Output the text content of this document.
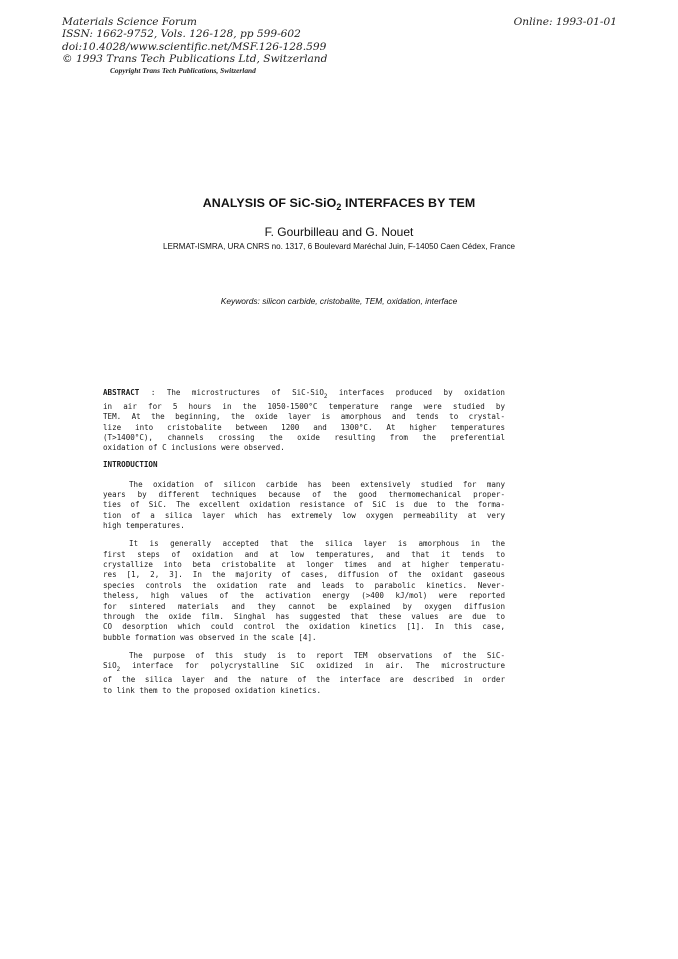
Materials Science Forum
ISSN: 1662-9752, Vols. 126-128, pp 599-602
doi:10.4028/www.scientific.net/MSF.126-128.599
© 1993 Trans Tech Publications Ltd, Switzerland
Copyright Trans Tech Publications, Switzerland
Online: 1993-01-01
ANALYSIS OF SiC-SiO$_2$ INTERFACES BY TEM
F. Gourbilleau and G. Nouet
LERMAT-ISMRA, URA CNRS no. 1317, 6 Boulevard Maréchal Juin, F-14050 Caen Cédex, France
Keywords: silicon carbide, cristobalite, TEM, oxidation, interface
ABSTRACT : The microstructures of SiC-SiO$_2$ interfaces produced by oxidation
in air for 5 hours in the 1050-1500°C temperature range were studied by
TEM. At the beginning, the oxide layer is amorphous and tends to crystal-
lize into cristobalite between 1200 and 1300°C. At higher temperatures
(T>1400°C), channels crossing the oxide resulting from the preferential
oxidation of C inclusions were observed.
INTRODUCTION
The oxidation of silicon carbide has been extensively studied for many
years by different techniques because of the good thermomechanical proper-
ties of SiC. The excellent oxidation resistance of SiC is due to the forma-
tion of a silica layer which has extremely low oxygen permeability at very
high temperatures.
It is generally accepted that the silica layer is amorphous in the
first steps of oxidation and at low temperatures, and that it tends to
crystallize into beta cristobalite at longer times and at higher temperatu-
res [1, 2, 3]. In the majority of cases, diffusion of the oxidant gaseous
species controls the oxidation rate and leads to parabolic kinetics. Never-
theless, high values of the activation energy (>400 kJ/mol) were reported
for sintered materials and they cannot be explained by oxygen diffusion
through the oxide film. Singhal has suggested that these values are due to
CO desorption which could control the oxidation kinetics [1]. In this case,
bubble formation was observed in the scale [4].
The purpose of this study is to report TEM observations of the SiC-
SiO$_2$ interface for polycrystalline SiC oxidized in air. The microstructure
of the silica layer and the nature of the interface are described in order
to link them to the proposed oxidation kinetics.
